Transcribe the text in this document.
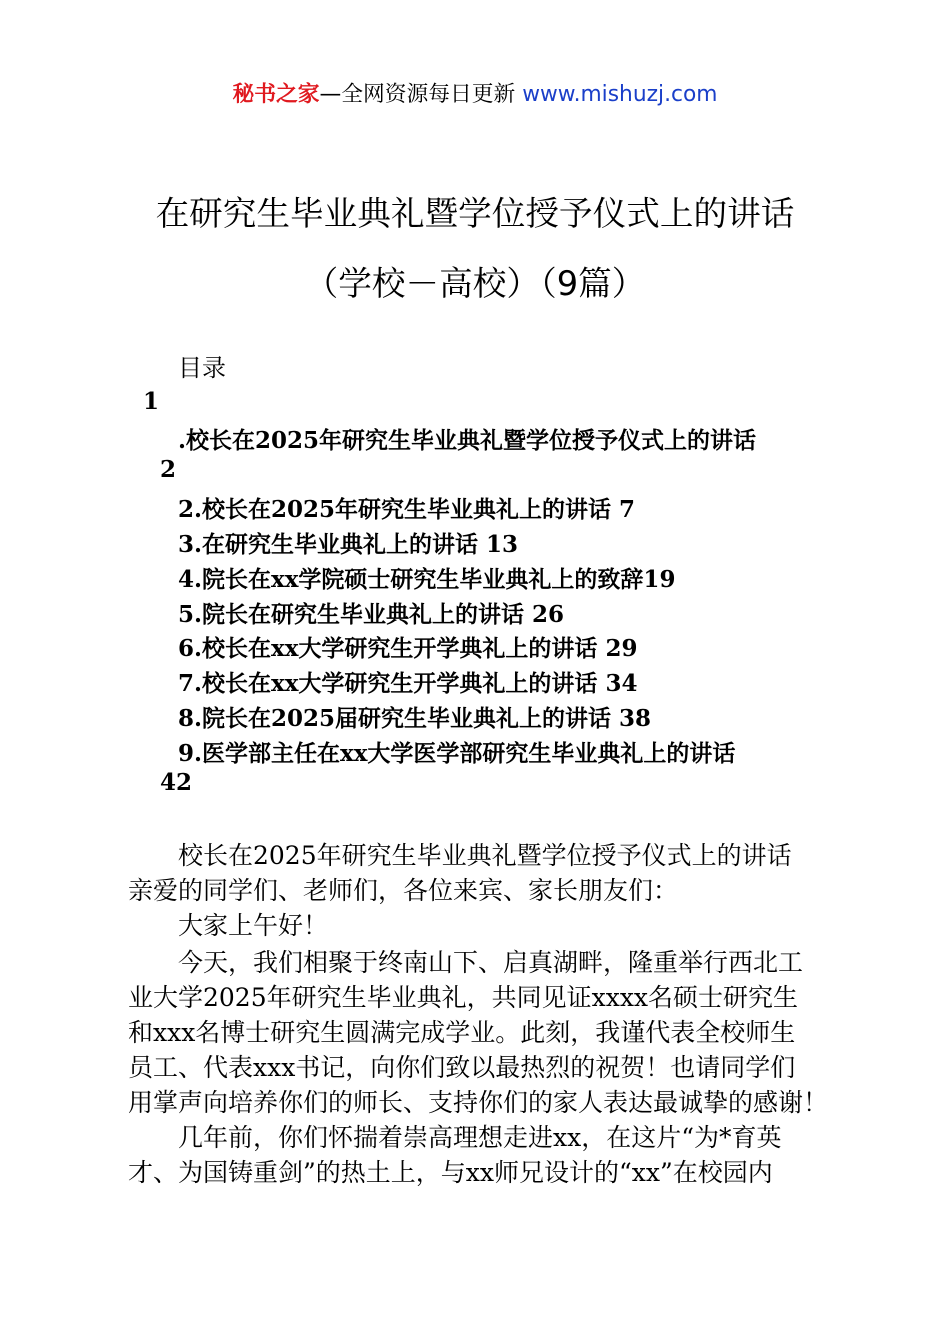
秘书之家—全网资源每日更新 www.mishuzj.com
在研究生毕业典礼暨学位授予仪式上的讲话
（学校－高校）（9篇）
目录
1
.校长在2025年研究生毕业典礼暨学位授予仪式上的讲话
2
2.校长在2025年研究生毕业典礼上的讲话 7
3.在研究生毕业典礼上的讲话 13
4.院长在xx学院硕士研究生毕业典礼上的致辞19
5.院长在研究生毕业典礼上的讲话 26
6.校长在xx大学研究生开学典礼上的讲话 29
7.校长在xx大学研究生开学典礼上的讲话 34
8.院长在2025届研究生毕业典礼上的讲话 38
9.医学部主任在xx大学医学部研究生毕业典礼上的讲话
42
校长在2025年研究生毕业典礼暨学位授予仪式上的讲话
亲爱的同学们、老师们，各位来宾、家长朋友们：
大家上午好！
今天，我们相聚于终南山下、启真湖畔，隆重举行西北工
业大学2025年研究生毕业典礼，共同见证xxxx名硕士研究生
和xxx名博士研究生圆满完成学业。此刻，我谨代表全校师生
员工、代表xxx书记，向你们致以最热烈的祝贺！也请同学们
用掌声向培养你们的师长、支持你们的家人表达最诚挚的感谢！
几年前，你们怀揣着崇高理想走进xx，在这片“为*育英
才、为国铸重剑”的热土上，与xx师兄设计的“xx”在校园内
